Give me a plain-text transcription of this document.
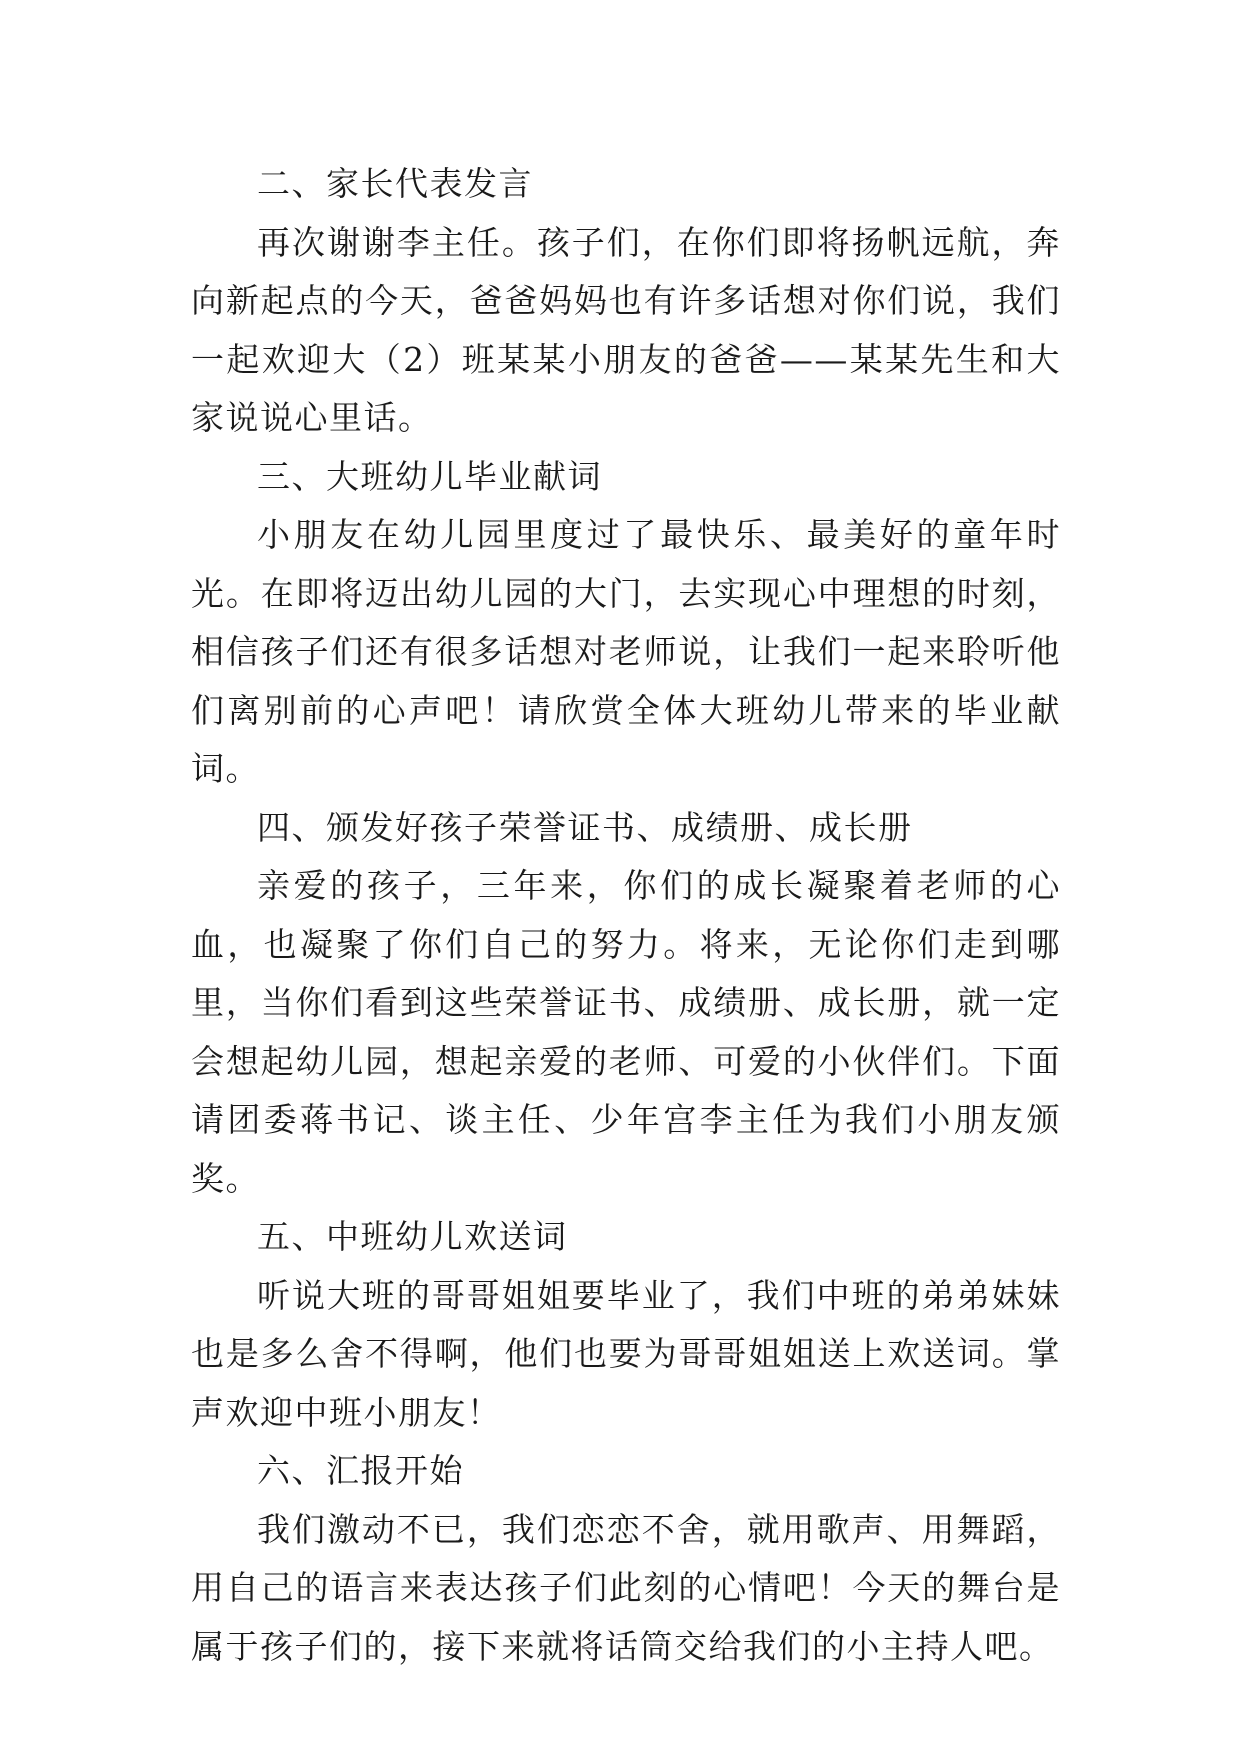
二、家长代表发言

再次谢谢李主任。孩子们，在你们即将扬帆远航，奔向新起点的今天，爸爸妈妈也有许多话想对你们说，我们一起欢迎大（2）班某某小朋友的爸爸——某某先生和大家说说心里话。

三、大班幼儿毕业献词

小朋友在幼儿园里度过了最快乐、最美好的童年时光。在即将迈出幼儿园的大门，去实现心中理想的时刻，相信孩子们还有很多话想对老师说，让我们一起来聆听他们离别前的心声吧！请欣赏全体大班幼儿带来的毕业献词。

四、颁发好孩子荣誉证书、成绩册、成长册

亲爱的孩子，三年来，你们的成长凝聚着老师的心血，也凝聚了你们自己的努力。将来，无论你们走到哪里，当你们看到这些荣誉证书、成绩册、成长册，就一定会想起幼儿园，想起亲爱的老师、可爱的小伙伴们。下面请团委蒋书记、谈主任、少年宫李主任为我们小朋友颁奖。

五、中班幼儿欢送词

听说大班的哥哥姐姐要毕业了，我们中班的弟弟妹妹也是多么舍不得啊，他们也要为哥哥姐姐送上欢送词。掌声欢迎中班小朋友！

六、汇报开始

我们激动不已，我们恋恋不舍，就用歌声、用舞蹈，用自己的语言来表达孩子们此刻的心情吧！今天的舞台是属于孩子们的，接下来就将话筒交给我们的小主持人吧。
